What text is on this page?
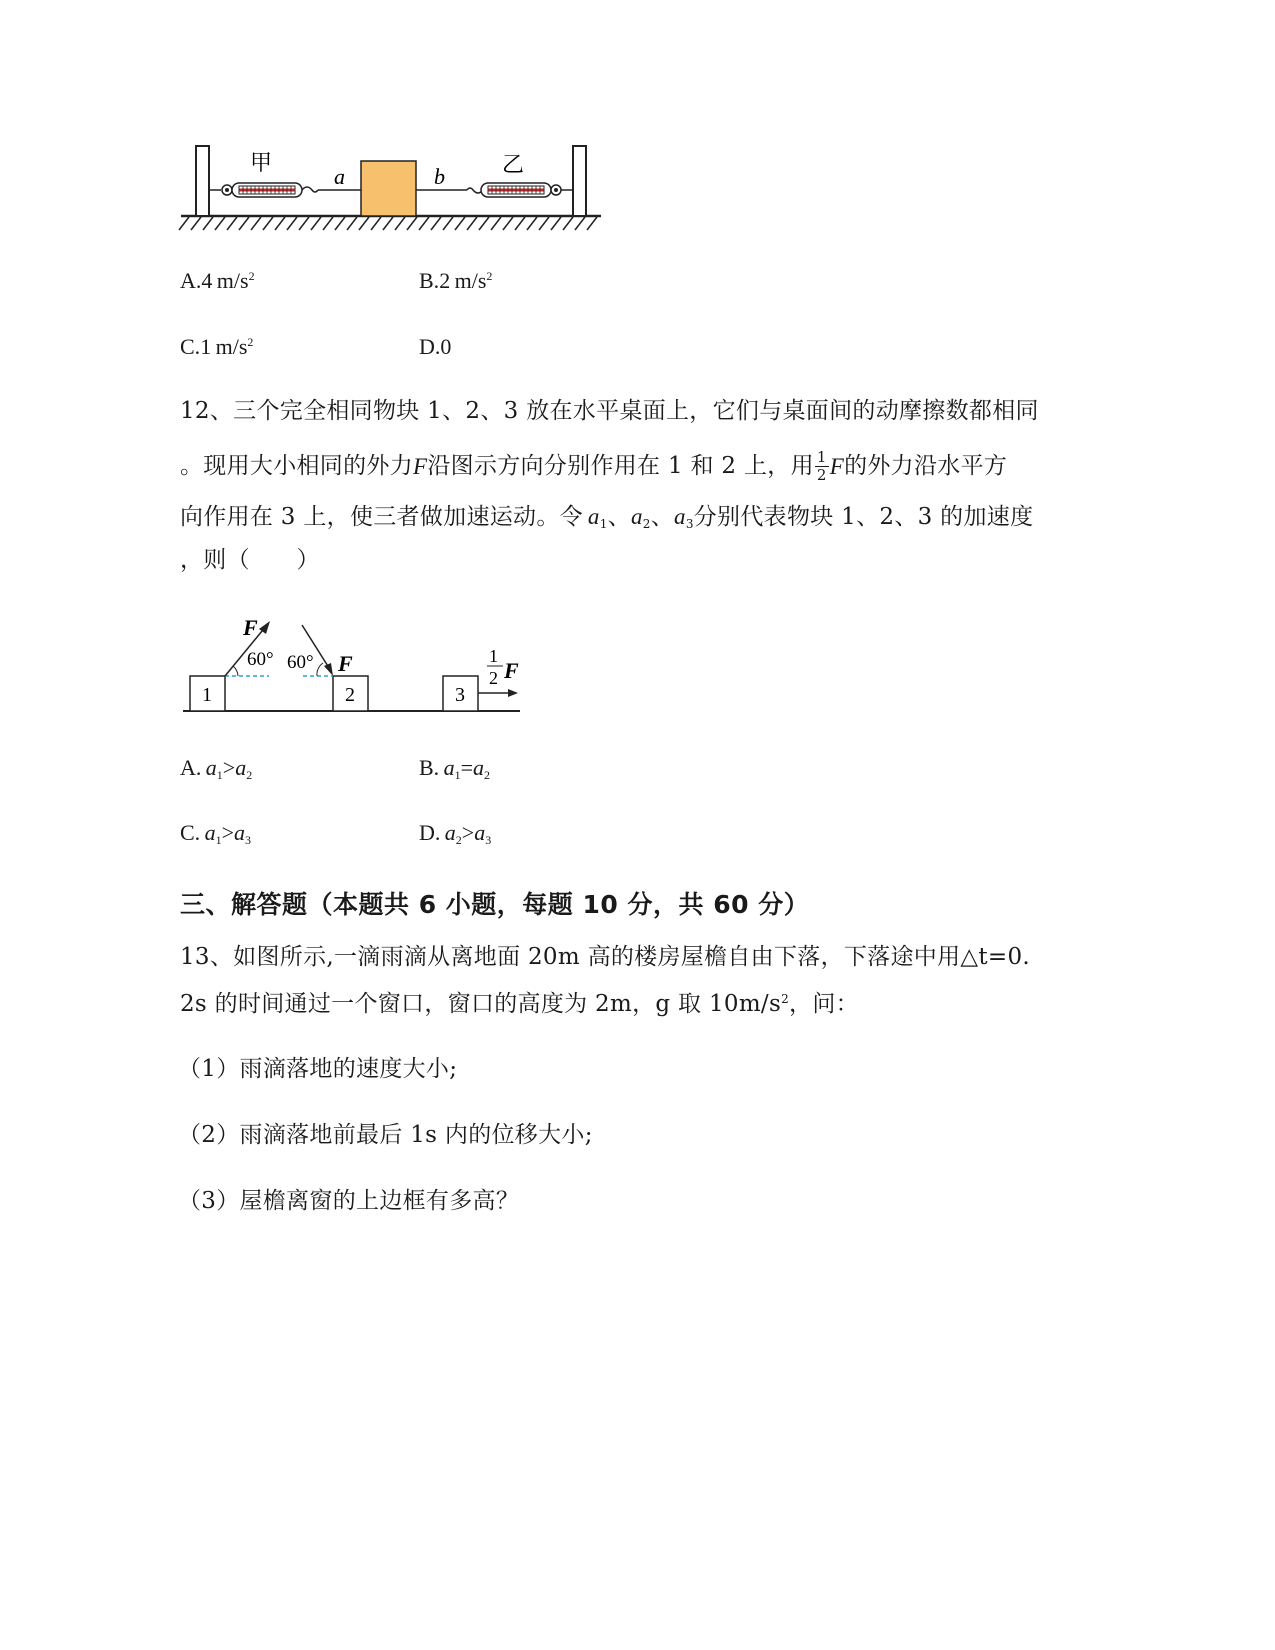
甲
a	b	乙
A.4  $m/s^2$	B.2  $m/s^2$
C.1  $m/s^2$	D.0
12、三个完全相同物块 1、2、3 放在水平桌面上，它们与桌面间的动摩擦数都相同
。现用大小相同的外力 F 沿图示方向分别作用在 1 和 2 上，用 $\frac{1}{2}$ F 的外力沿水平方
向作用在 3 上，使三者做加速运动。令  $a_1$、$a_2$、$a_3$分别代表物块 1、2、3 的加速度
，则（　　）
1
F
60°
2
60° F
3
1
2 F
A.  $a_1>a_2$	B.  $a_1=a_2$
C.  $a_1>a_3$	D.  $a_2>a_3$
三、解答题（本题共 6 小题，每题 10 分，共 60 分）
13、如图所示,一滴雨滴从离地面 20m 高的楼房屋檐自由下落，下落途中用△t=0.
2s 的时间通过一个窗口，窗口的高度为 2m，g 取 $10m/s^2$，问：
（1）雨滴落地的速度大小;
（2）雨滴落地前最后 1s 内的位移大小;
（3）屋檐离窗的上边框有多高？
